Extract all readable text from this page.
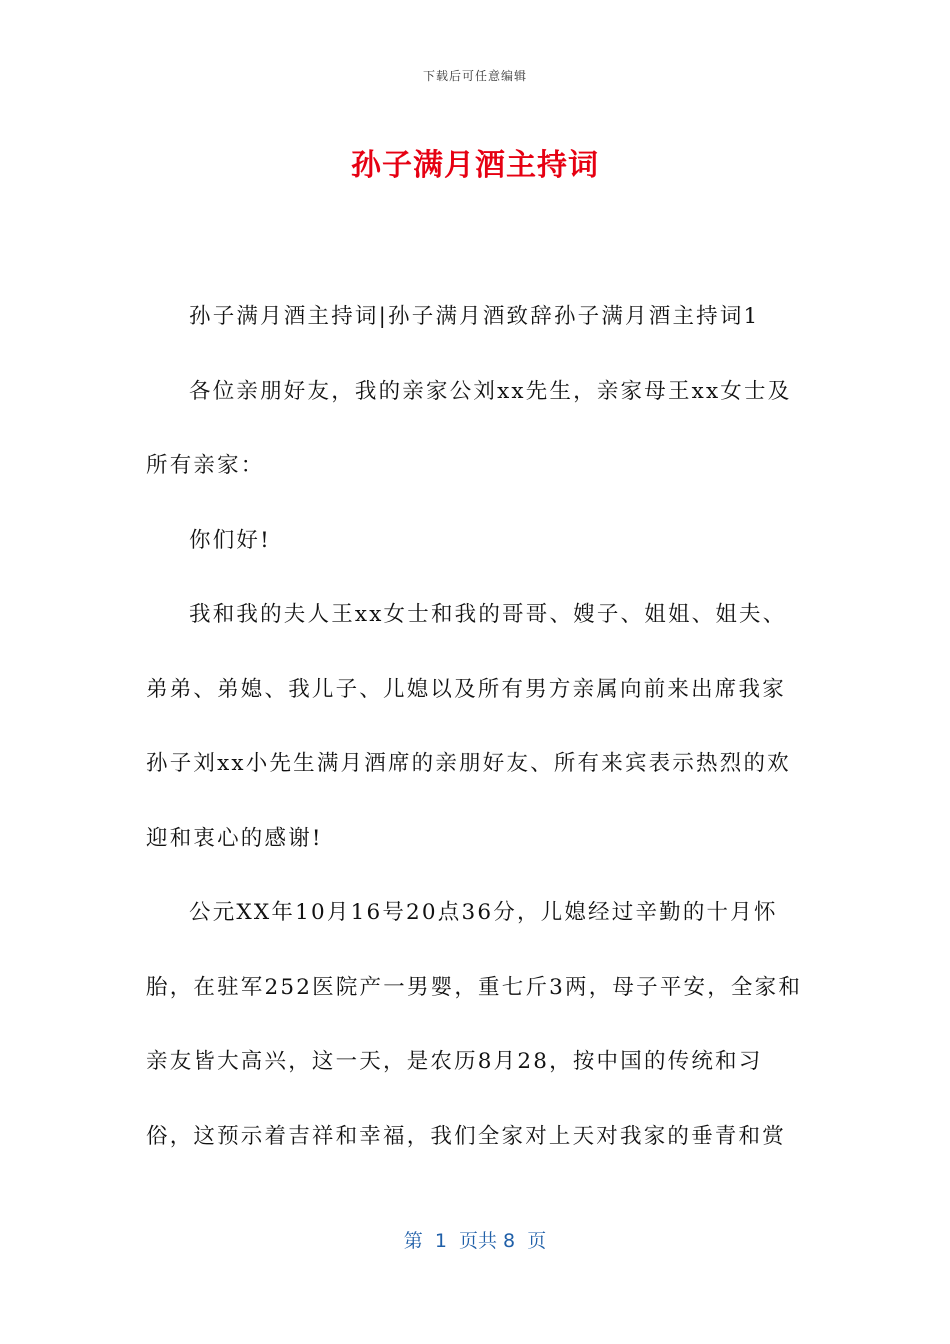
下载后可任意编辑
孙子满月酒主持词

孙子满月酒主持词|孙子满月酒致辞孙子满月酒主持词1

各位亲朋好友，我的亲家公刘xx先生，亲家母王xx女士及所有亲家：

你们好!

我和我的夫人王xx女士和我的哥哥、嫂子、姐姐、姐夫、弟弟、弟媳、我儿子、儿媳以及所有男方亲属向前来出席我家孙子刘xx小先生满月酒席的亲朋好友、所有来宾表示热烈的欢迎和衷心的感谢!

公元XX年10月16号20点36分，儿媳经过辛勤的十月怀胎，在驻军252医院产一男婴，重七斤3两，母子平安，全家和亲友皆大高兴，这一天，是农历8月28，按中国的传统和习俗，这预示着吉祥和幸福，我们全家对上天对我家的垂青和赏

第  1  页共 8  页
